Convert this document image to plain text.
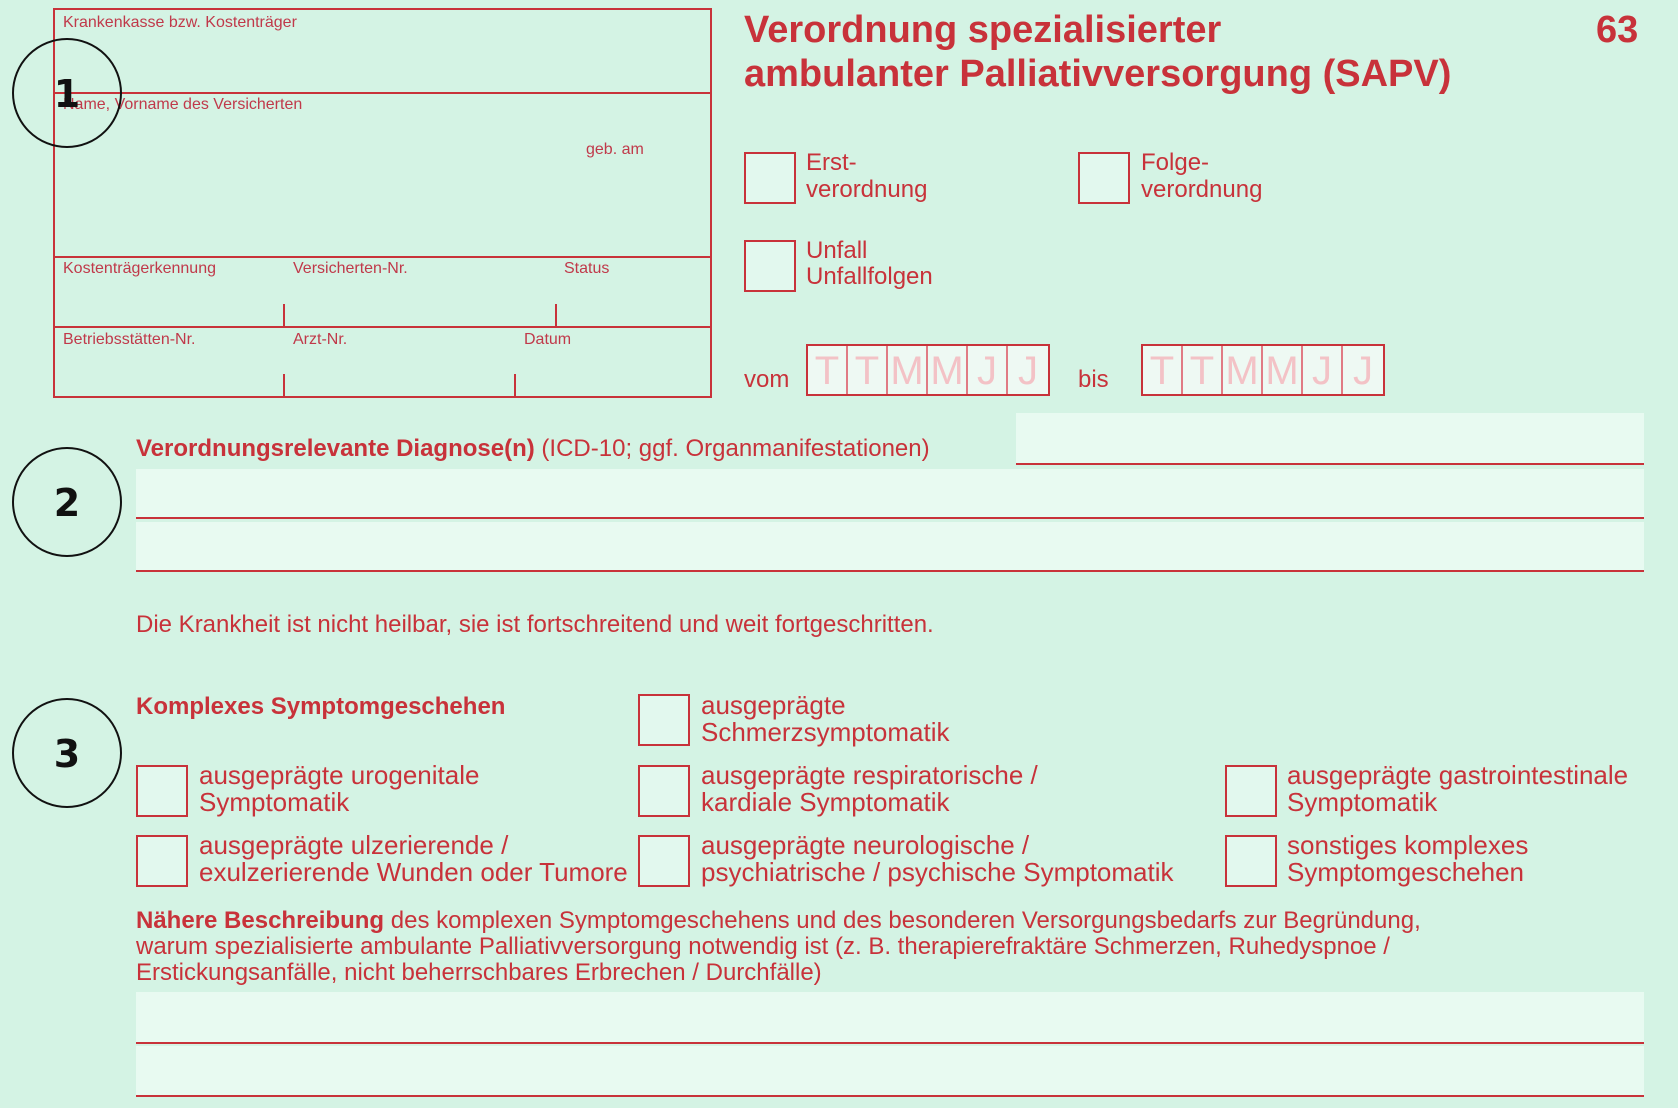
Krankenkasse bzw. Kostenträger
Name, Vorname des Versicherten
geb. am
Kostenträgerkennung	Versicherten-Nr.	Status
Betriebsstätten-Nr.	Arzt-Nr.	Datum
Verordnung spezialisierter
ambulanter Palliativversorgung (SAPV)
63
Erst-
verordnung
Folge-
verordnung
Unfall
Unfallfolgen
vom T T M M J J	bis T T M M J J
1
2
3
Verordnungsrelevante Diagnose(n) (ICD-10; ggf. Organmanifestationen)
Die Krankheit ist nicht heilbar, sie ist fortschreitend und weit fortgeschritten.
Komplexes Symptomgeschehen	ausgeprägte
Schmerzsymptomatik
ausgeprägte urogenitale
Symptomatik
ausgeprägte respiratorische /
kardiale Symptomatik
ausgeprägte gastrointestinale
Symptomatik
ausgeprägte ulzerierende /
exulzerierende Wunden oder Tumore
ausgeprägte neurologische /
psychiatrische / psychische Symptomatik
sonstiges komplexes
Symptomgeschehen
Nähere Beschreibung des komplexen Symptomgeschehens und des besonderen Versorgungsbedarfs zur Begründung,
warum spezialisierte ambulante Palliativversorgung notwendig ist (z. B. therapierefraktäre Schmerzen, Ruhedyspnoe /
Erstickungsanfälle, nicht beherrschbares Erbrechen / Durchfälle)
